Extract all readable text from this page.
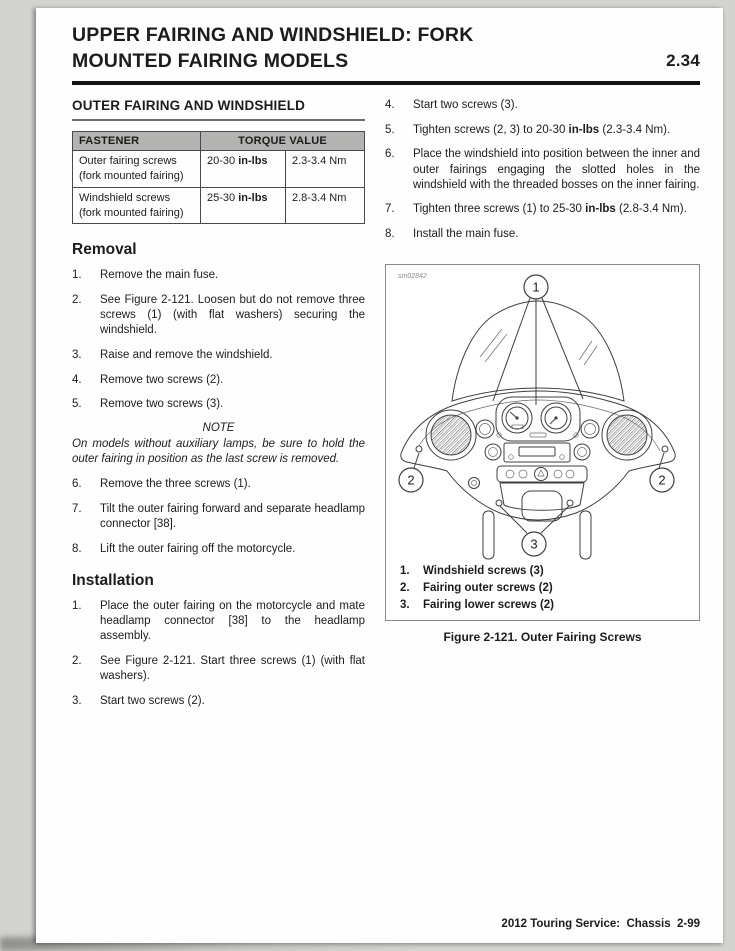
UPPER FAIRING AND WINDSHIELD: FORK
MOUNTED FAIRING MODELS	2.34
OUTER FAIRING AND WINDSHIELD
FASTENER	TORQUE VALUE	
Outer fairing screws (fork mounted fairing)	20-30 in-lbs	2.3-3.4 Nm
Windshield screws (fork mounted fairing)	25-30 in-lbs	2.8-3.4 Nm
Removal
1.	Remove the main fuse.
2.	See Figure 2-121. Loosen but do not remove three screws (1) (with flat washers) securing the windshield.
3.	Raise and remove the windshield.
4.	Remove two screws (2).
5.	Remove two screws (3).
NOTE
On models without auxiliary lamps, be sure to hold the outer fairing in position as the last screw is removed.
6.	Remove the three screws (1).
7.	Tilt the outer fairing forward and separate headlamp connector [38].
8.	Lift the outer fairing off the motorcycle.
Installation
1.	Place the outer fairing on the motorcycle and mate headlamp connector [38] to the headlamp assembly.
2.	See Figure 2-121. Start three screws (1) (with flat washers).
3.	Start two screws (2).
4.	Start two screws (3).
5.	Tighten screws (2, 3) to 20-30 in-lbs (2.3-3.4 Nm).
6.	Place the windshield into position between the inner and outer fairings engaging the slotted holes in the windshield with the threaded bosses on the inner fairing.
7.	Tighten three screws (1) to 25-30 in-lbs (2.8-3.4 Nm).
8.	Install the main fuse.
sm02842
1
2	2
3
1.	Windshield screws (3)
2.	Fairing outer screws (2)
3.	Fairing lower screws (2)
Figure 2-121. Outer Fairing Screws
2012 Touring Service:  Chassis  2-99
